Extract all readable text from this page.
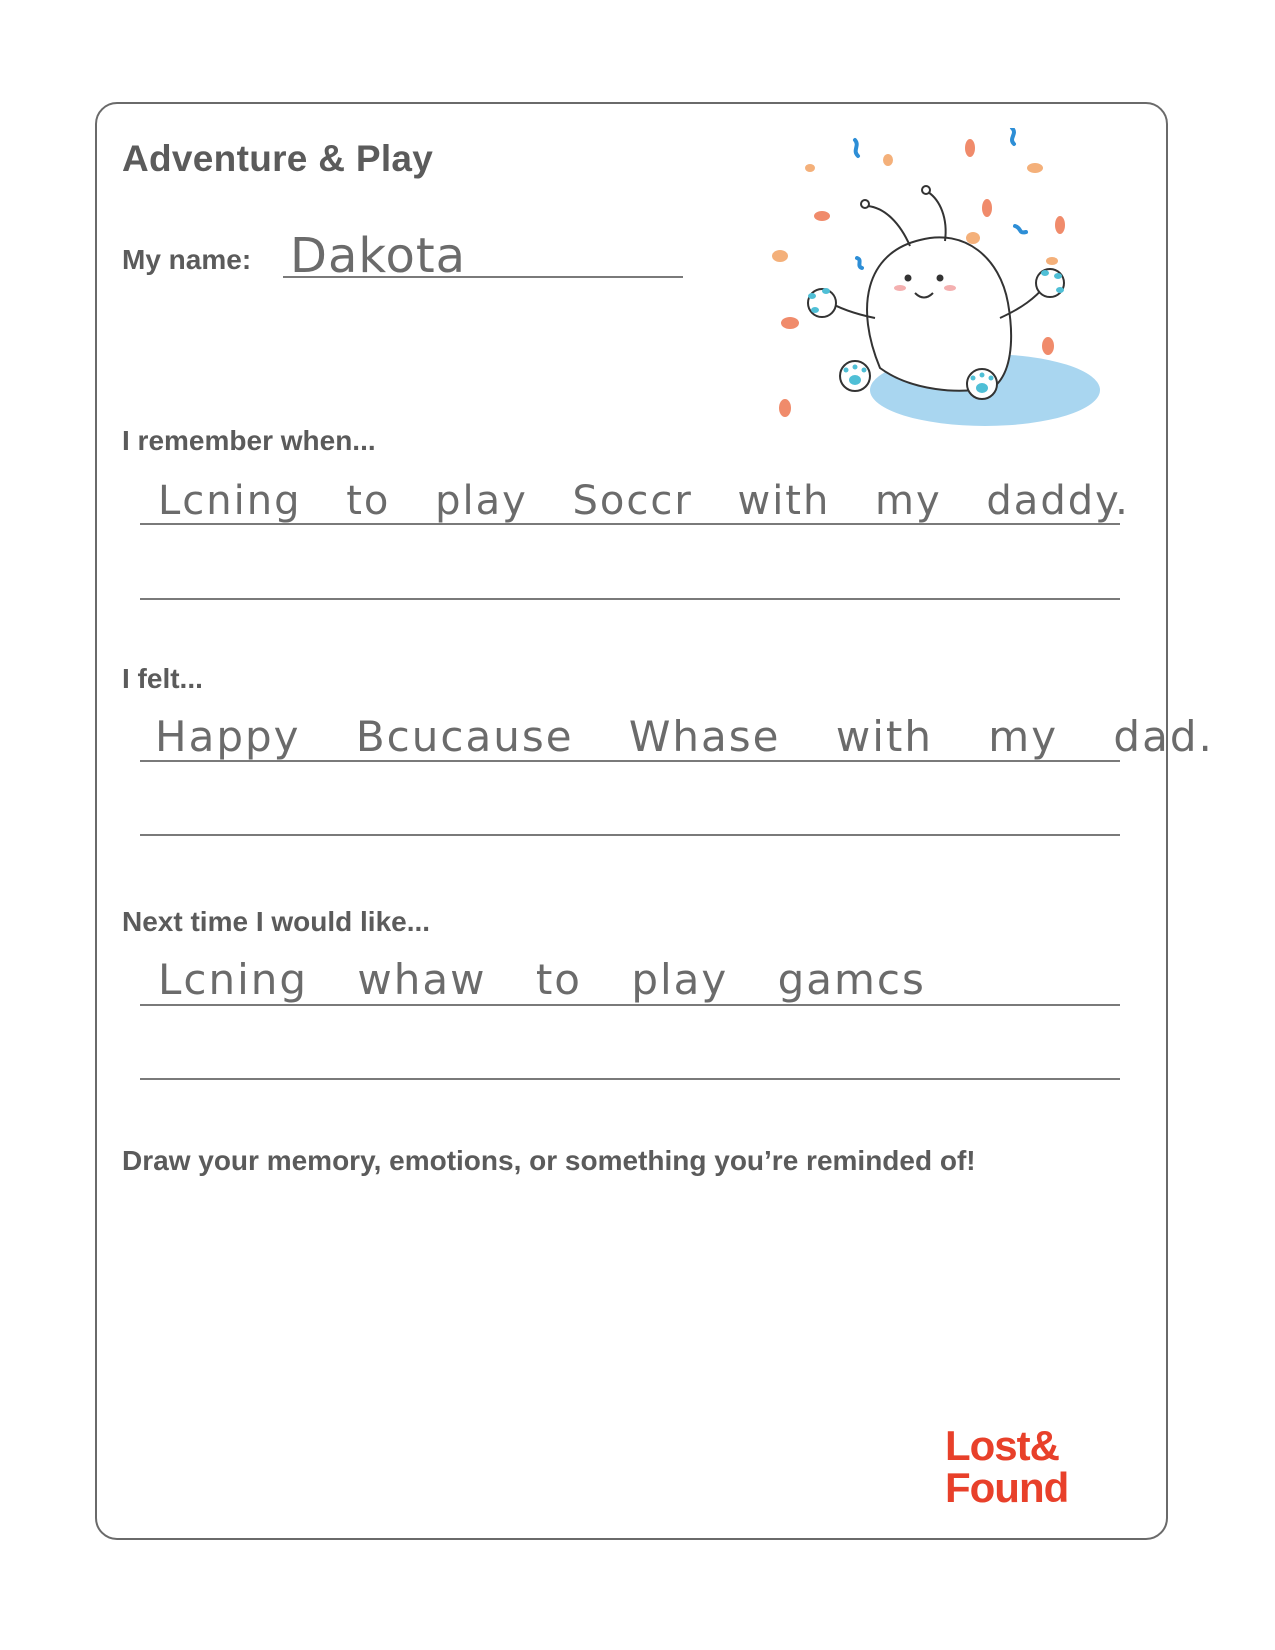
Adventure & Play

My name: Dakota

I remember when...

Lcning to play Soccr with my daddy.

I felt...

Happy Bcucause Whase with my dad.

Next time I would like...

Lcning whaw to play gamcs

Draw your memory, emotions, or something you’re reminded of!

Lost&
Found
